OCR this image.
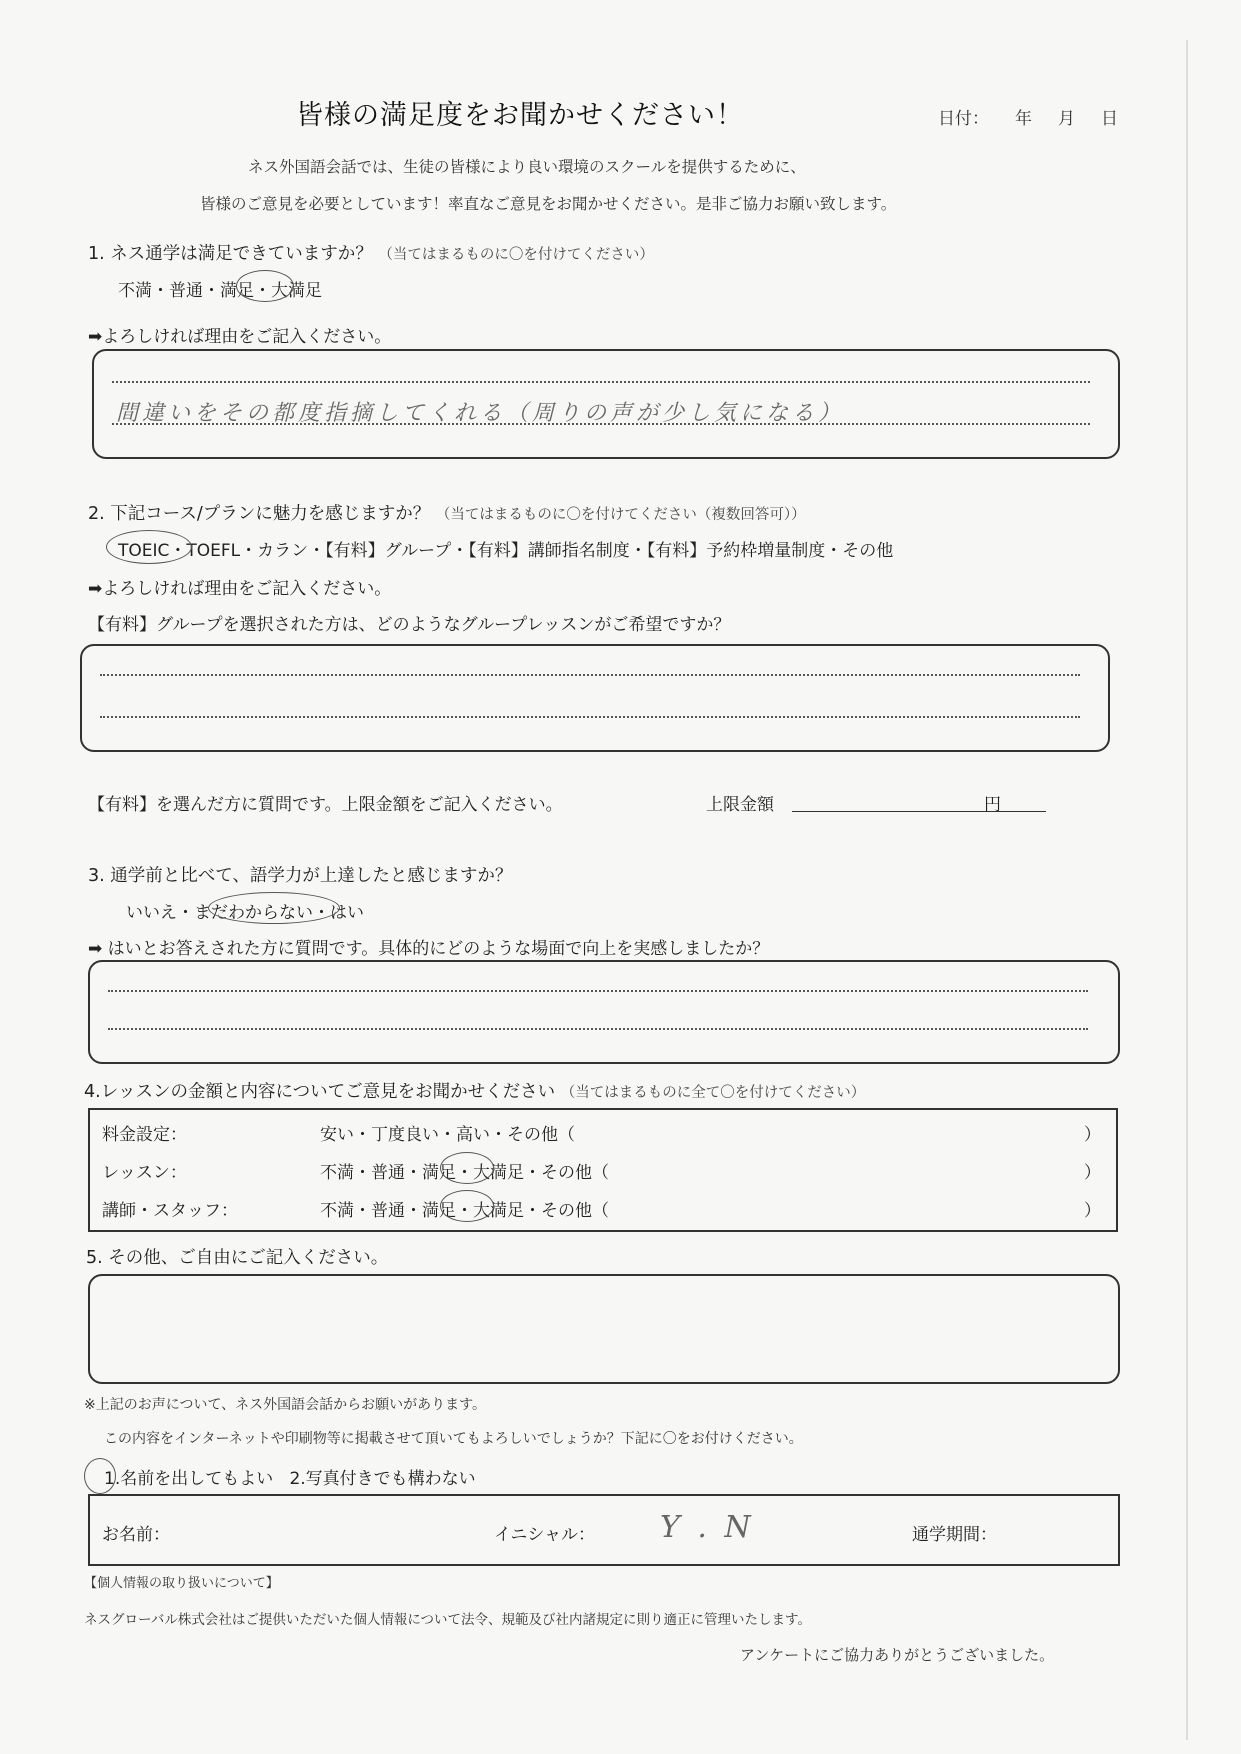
皆様の満足度をお聞かせください！	日付： 年 月 日
ネス外国語会話では、生徒の皆様により良い環境のスクールを提供するために、
皆様のご意見を必要としています！率直なご意見をお聞かせください。是非ご協力お願い致します。
1. ネス通学は満足できていますか？ （当てはまるものに〇を付けてください）
不満・普通・満足・大満足
➡よろしければ理由をご記入ください。
間違いをその都度指摘してくれる（周りの声が少し気になる）
2. 下記コース/プランに魅力を感じますか？ （当てはまるものに〇を付けてください（複数回答可））
TOEIC・TOEFL・カラン・【有料】グループ・【有料】講師指名制度・【有料】予約枠増量制度・その他
➡よろしければ理由をご記入ください。
【有料】グループを選択された方は、どのようなグループレッスンがご希望ですか？
【有料】を選んだ方に質問です。上限金額をご記入ください。	上限金額	円
3. 通学前と比べて、語学力が上達したと感じますか？
いいえ・まだわからない・はい
➡ はいとお答えされた方に質問です。具体的にどのような場面で向上を実感しましたか？
4.レッスンの金額と内容についてご意見をお聞かせください （当てはまるものに全て〇を付けてください）
料金設定：	安い・丁度良い・高い・その他（	）
レッスン：	不満・普通・満足・大満足・その他（	）
講師・スタッフ：	不満・普通・満足・大満足・その他（	）
5. その他、ご自由にご記入ください。
※上記のお声について、ネス外国語会話からお願いがあります。
この内容をインターネットや印刷物等に掲載させて頂いてもよろしいでしょうか？下記に〇をお付けください。
1.名前を出してもよい 2.写真付きでも構わない
お名前：	イニシャル： Y . N	通学期間：
【個人情報の取り扱いについて】
ネスグローバル株式会社はご提供いただいた個人情報について法令、規範及び社内諸規定に則り適正に管理いたします。
アンケートにご協力ありがとうございました。
